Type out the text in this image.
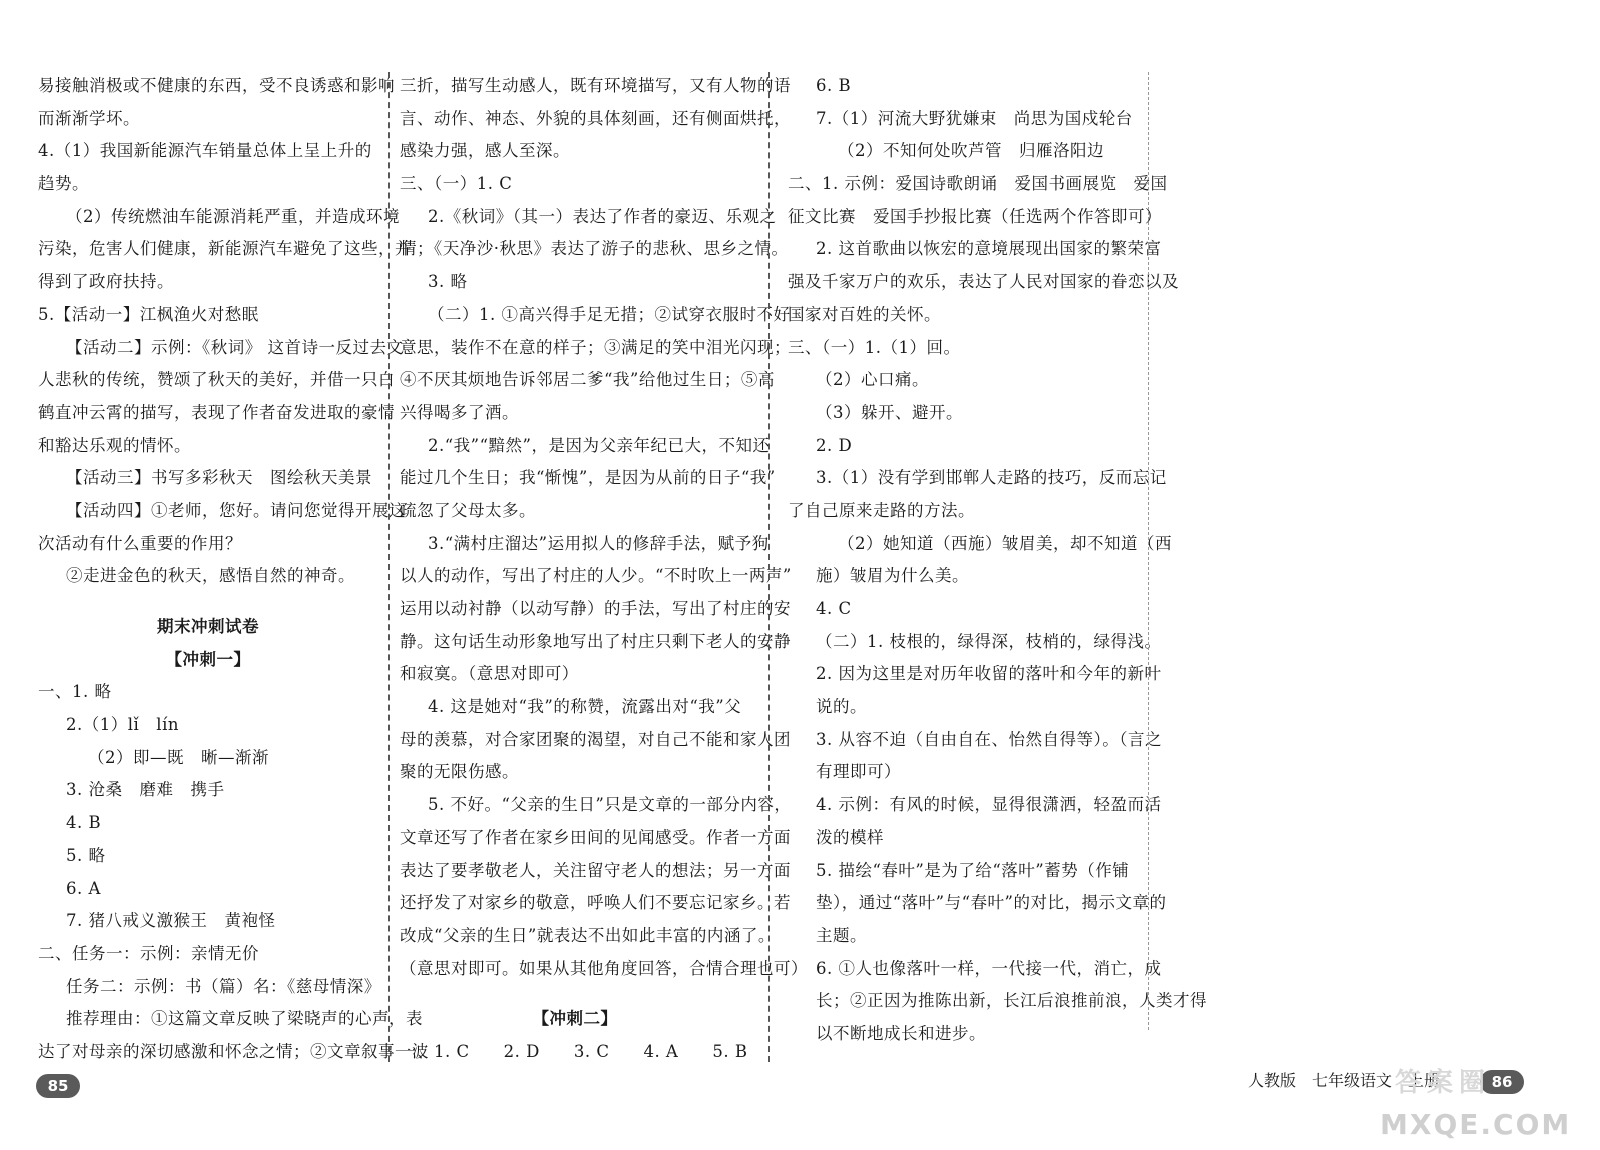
易接触消极或不健康的东西，受不良诱惑和影响
而渐渐学坏。
4.（1）我国新能源汽车销量总体上呈上升的
趋势。
（2）传统燃油车能源消耗严重，并造成环境
污染，危害人们健康，新能源汽车避免了这些，并
得到了政府扶持。
5.【活动一】江枫渔火对愁眠
【活动二】示例：《秋词》 这首诗一反过去文
人悲秋的传统，赞颂了秋天的美好，并借一只白
鹤直冲云霄的描写，表现了作者奋发进取的豪情
和豁达乐观的情怀。
【活动三】书写多彩秋天　图绘秋天美景
【活动四】①老师，您好。请问您觉得开展这
次活动有什么重要的作用？
②走进金色的秋天，感悟自然的神奇。
期末冲刺试卷
【冲刺一】
一、1. 略
2.（1）lǐ　lín
（2）即—既　晰—渐渐
3. 沧桑　磨难　携手
4. B
5. 略
6. A
7. 猪八戒义激猴王　黄袍怪
二、任务一：示例：亲情无价
任务二：示例：书（篇）名：《慈母情深》
推荐理由：①这篇文章反映了梁晓声的心声，表
达了对母亲的深切感激和怀念之情；②文章叙事一波
三折，描写生动感人，既有环境描写，又有人物的语
言、动作、神态、外貌的具体刻画，还有侧面烘托，
感染力强，感人至深。
三、（一）1. C
2.《秋词》（其一）表达了作者的豪迈、乐观之
情；《天净沙·秋思》表达了游子的悲秋、思乡之情。
3. 略
（二）1. ①高兴得手足无措；②试穿衣服时不好
意思，装作不在意的样子；③满足的笑中泪光闪现；
④不厌其烦地告诉邻居二爹“我”给他过生日；⑤高
兴得喝多了酒。
2.“我”“黯然”，是因为父亲年纪已大，不知还
能过几个生日；我“惭愧”，是因为从前的日子“我”
疏忽了父母太多。
3.“满村庄溜达”运用拟人的修辞手法，赋予狗
以人的动作，写出了村庄的人少。“不时吹上一两声”
运用以动衬静（以动写静）的手法，写出了村庄的安
静。这句话生动形象地写出了村庄只剩下老人的安静
和寂寞。（意思对即可）
4. 这是她对“我”的称赞，流露出对“我”父
母的羡慕，对合家团聚的渴望，对自己不能和家人团
聚的无限伤感。
5. 不好。“父亲的生日”只是文章的一部分内容，
文章还写了作者在家乡田间的见闻感受。作者一方面
表达了要孝敬老人，关注留守老人的想法；另一方面
还抒发了对家乡的敬意，呼唤人们不要忘记家乡。若
改成“父亲的生日”就表达不出如此丰富的内涵了。
（意思对即可。如果从其他角度回答，合情合理也可）
【冲刺二】
一、1. C　　2. D　　3. C　　4. A　　5. B
6. B
7.（1）河流大野犹嫌束　尚思为国戍轮台
（2）不知何处吹芦管　归雁洛阳边
二、1. 示例：爱国诗歌朗诵　爱国书画展览　爱国
征文比赛　爱国手抄报比赛（任选两个作答即可）
2. 这首歌曲以恢宏的意境展现出国家的繁荣富
强及千家万户的欢乐，表达了人民对国家的眷恋以及
国家对百姓的关怀。
三、（一）1.（1）回。
（2）心口痛。
（3）躲开、避开。
2. D
3.（1）没有学到邯郸人走路的技巧，反而忘记
了自己原来走路的方法。
（2）她知道（西施）皱眉美，却不知道（西
施）皱眉为什么美。
4. C
（二）1. 枝根的，绿得深，枝梢的，绿得浅。
2. 因为这里是对历年收留的落叶和今年的新叶
说的。
3. 从容不迫（自由自在、怡然自得等）。（言之
有理即可）
4. 示例：有风的时候，显得很潇洒，轻盈而活
泼的模样
5. 描绘“春叶”是为了给“落叶”蓄势（作铺
垫），通过“落叶”与“春叶”的对比，揭示文章的
主题。
6. ①人也像落叶一样，一代接一代，消亡，成
长；②正因为推陈出新，长江后浪推前浪，人类才得
以不断地成长和进步。
85	人教版　七年级语文　上册	86
答案圈
MXQE.COM
